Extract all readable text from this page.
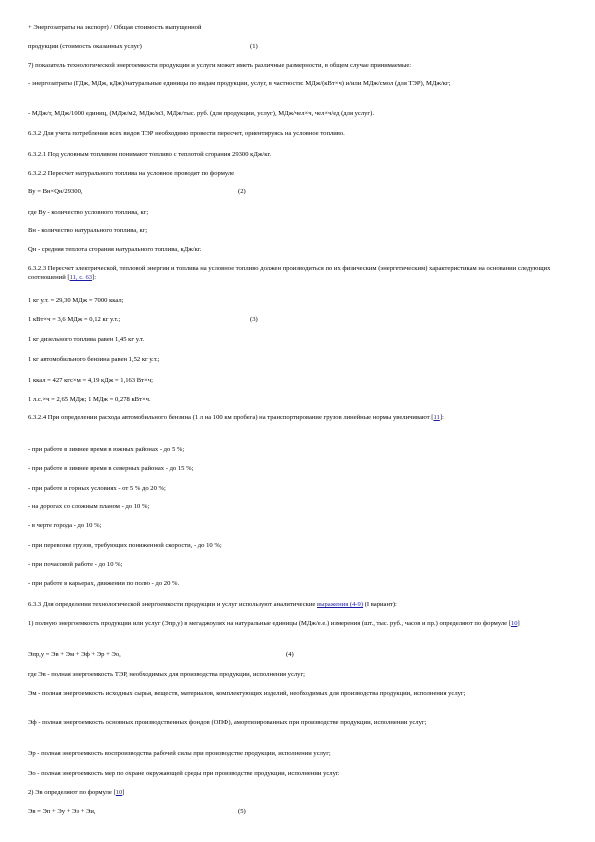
+ Энергозатраты на экспорт) / Общая стоимость выпущенной
продукции (стоимость оказанных услуг)	(1)
7) показатель технологической энергоемкости продукции и услуги может иметь различные размерности, в общем случае принимаемые:
- энергозатраты (ГДж, МДж, кДж)/натуральные единицы по видам продукции, услуг, в частности: МДж/(кВт×ч) и/или МДж/смол (для ТЭР), МДж/кг;
- МДж/т, МДж/1000 единиц, (МДж/м2, МДж/м3, МДж/тыс. руб. (для продукции, услуг), МДж/чел×ч, чел×ч/ед (для услуг).
6.3.2 Для учета потребления всех видов ТЭР необходимо провести пересчет, ориентируясь на условное топливо.
6.3.2.1 Под условным топливом понимают топливо с теплотой сгорания 29300 кДж/кг.
6.3.2.2 Пересчет натурального топлива на условное проводят по формуле
Ву = Вн×Qн/29300,	(2)
где Ву - количество условного топлива, кг;
Вн - количество натурального топлива, кг;
Qн - средняя теплота сгорания натурального топлива, кДж/кг.
6.3.2.3 Пересчет электрической, тепловой энергии и топлива на условное топливо должен производиться по их физическим (энергетическим) характеристикам на основании следующих соотношений [11, с. 63]:
1 кг у.т. = 29,30 МДж = 7000 ккал;
1 кВт×ч = 3,6 МДж = 0,12 кг у.т.;	(3)
1 кг дизельного топлива равен 1,45 кг у.т.
1 кг автомобильного бензина равен 1,52 кг у.т.;
1 ккал = 427 кгс×м = 4,19 кДж = 1,163 Вт×ч;
1 л.с.×ч = 2,65 МДж; 1 МДж = 0,278 кВт×ч.
6.3.2.4 При определении расхода автомобильного бензина (1 л на 100 км пробега) на транспортирование грузов линейные нормы увеличивают [11]:
- при работе в зимнее время в южных районах - до 5 %;
- при работе в зимнее время в северных районах - до 15 %;
- при работе в горных условиях - от 5 % до 20 %;
- на дорогах со сложным планом - до 10 %;
- в черте города - до 10 %;
- при перевозке грузов, требующих пониженной скорости, - до 10 %;
- при почасовой работе - до 10 %;
- при работе в карьерах, движении по полю - до 20 %.
6.3.3 Для определения технологической энергоемкости продукции и услуг используют аналитические выражения (4-9) (I вариант):
1) полную энергоемкость продукции или услуг (Эпр,у) в мегаджоулях на натуральные единицы (МДж/е.е.) измерения (шт., тыс. руб., часов и пр.) определяют по формуле [10]
Эпр,у = Эв + Эм + Эф + Эр + Эо,	(4)
где Эв - полная энергоемкость ТЭР, необходимых для производства продукции, исполнения услуг;
Эм - полная энергоемкость исходных сырья, веществ, материалов, комплектующих изделий, необходимых для производства продукции, исполнения услуг;
Эф - полная энергоемкость основных производственных фондов (ОПФ), амортизированных при производстве продукции, исполнении услуг;
Эр - полная энергоемкость воспроизводства рабочей силы при производстве продукции, исполнении услуг;
Эо - полная энергоемкость мер по охране окружающей среды при производстве продукции, исполнении услуг.
2) Эв определяют по формуле [10]
Эв = Эп + Эу + Эз + Эи,	(5)
